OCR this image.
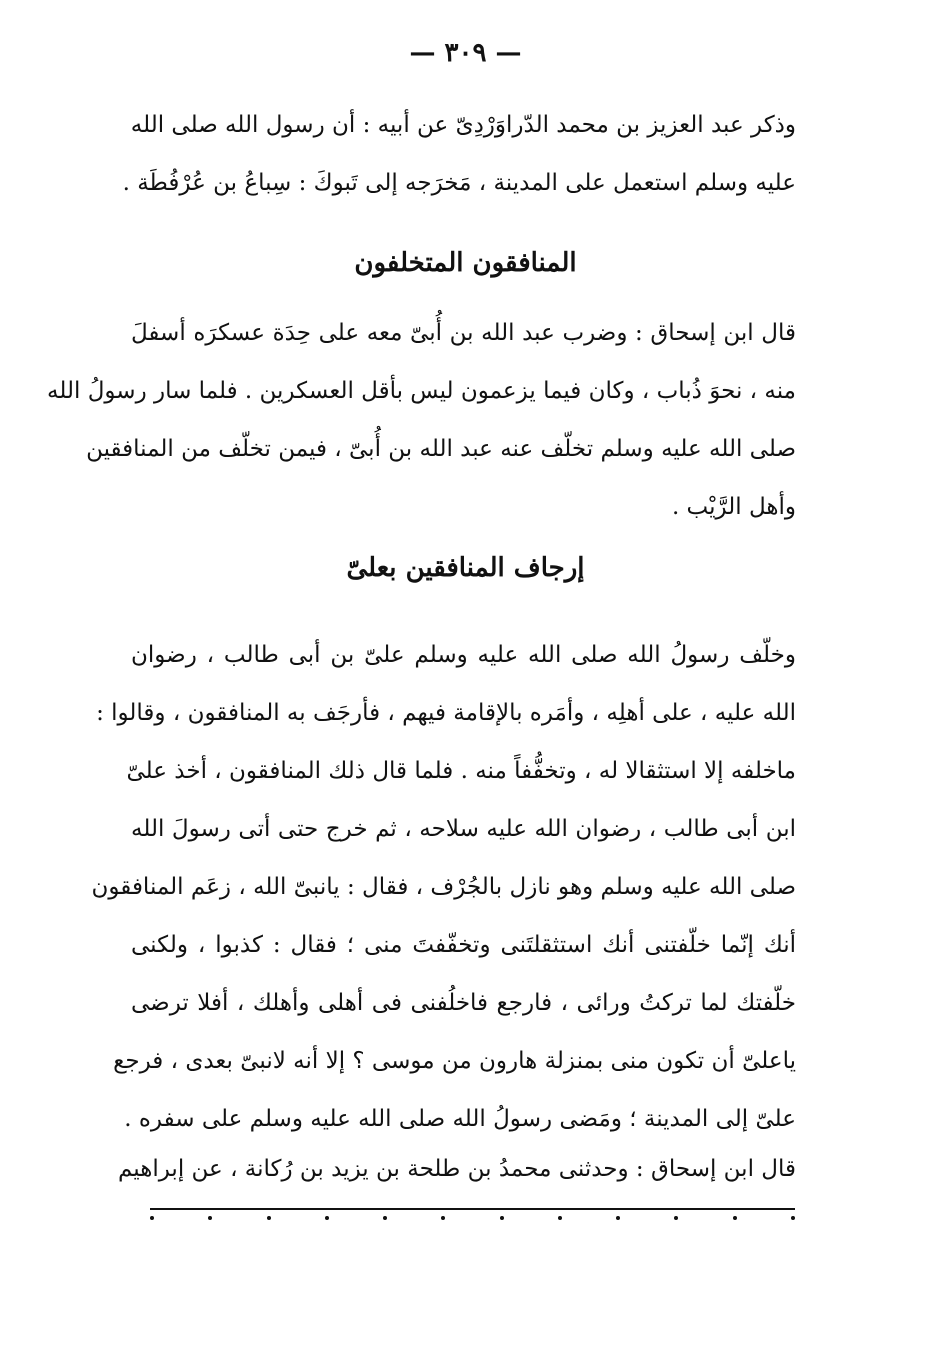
— ٣٠٩ —
وذكر عبد العزيز بن محمد الدّراوَرْدِىّ عن أبيه : أن رسول الله صلى الله
عليه وسلم استعمل على المدينة ، مَخرَجه إلى تَبوكَ : سِباعُ بن عُرْفُطَة .
المنافقون المتخلفون
قال ابن إسحاق : وضرب عبد الله بن أُبىّ معه على حِدَة عسكرَه أسفلَ
منه ، نحوَ ذُباب ، وكان فيما يزعمون ليس بأقل العسكرين . فلما سار رسولُ الله
صلى الله عليه وسلم تخلّف عنه عبد الله بن أُبىّ ، فيمن تخلّف من المنافقين
وأهل الرَّيْب .
إرجاف المنافقين بعلىّ
وخلّف رسولُ الله صلى الله عليه وسلم علىّ بن أبى طالب ، رضوان
الله عليه ، على أهلِه ، وأمَره بالإقامة فيهم ، فأرجَف به المنافقون ، وقالوا :
ماخلفه إلا استثقالا له ، وتخفُّفاً منه . فلما قال ذلك المنافقون ، أخذ علىّ
ابن أبى طالب ، رضوان الله عليه سلاحه ، ثم خرج حتى أتى رسولَ الله
صلى الله عليه وسلم وهو نازل بالجُرْف ، فقال : يانبىّ الله ، زعَم المنافقون
أنك إنّما خلّفتنى أنك استثقلتَنى وتخفّفتَ منى ؛ فقال : كذبوا ، ولكنى
خلّفتك لما تركتُ ورائى ، فارجع فاخلُفنى فى أهلى وأهلك ، أفلا ترضى
ياعلىّ أن تكون منى بمنزلة هارون من موسى ؟ إلا أنه لانبىّ بعدى ، فرجع
علىّ إلى المدينة ؛ ومَضى رسولُ الله صلى الله عليه وسلم على سفره .
قال ابن إسحاق : وحدثنى محمدُ بن طلحة بن يزيد بن رُكانة ، عن إبراهيم
